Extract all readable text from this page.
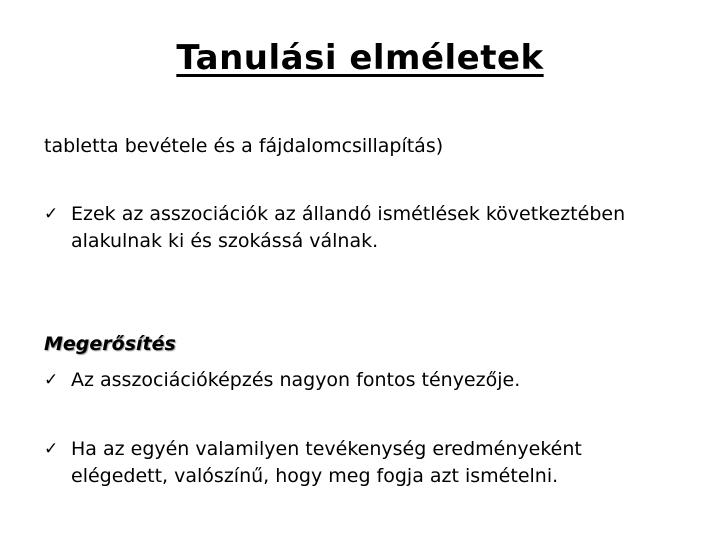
Tanulási elméletek
tabletta bevétele és a fájdalomcsillapítás)
✓ Ezek az asszociációk az állandó ismétlések következtében alakulnak ki és szokássá válnak.
Megerősítés
✓ Az asszociációképzés nagyon fontos tényezője.
✓ Ha az egyén valamilyen tevékenység eredményeként elégedett, valószínű, hogy meg fogja azt ismételni.
